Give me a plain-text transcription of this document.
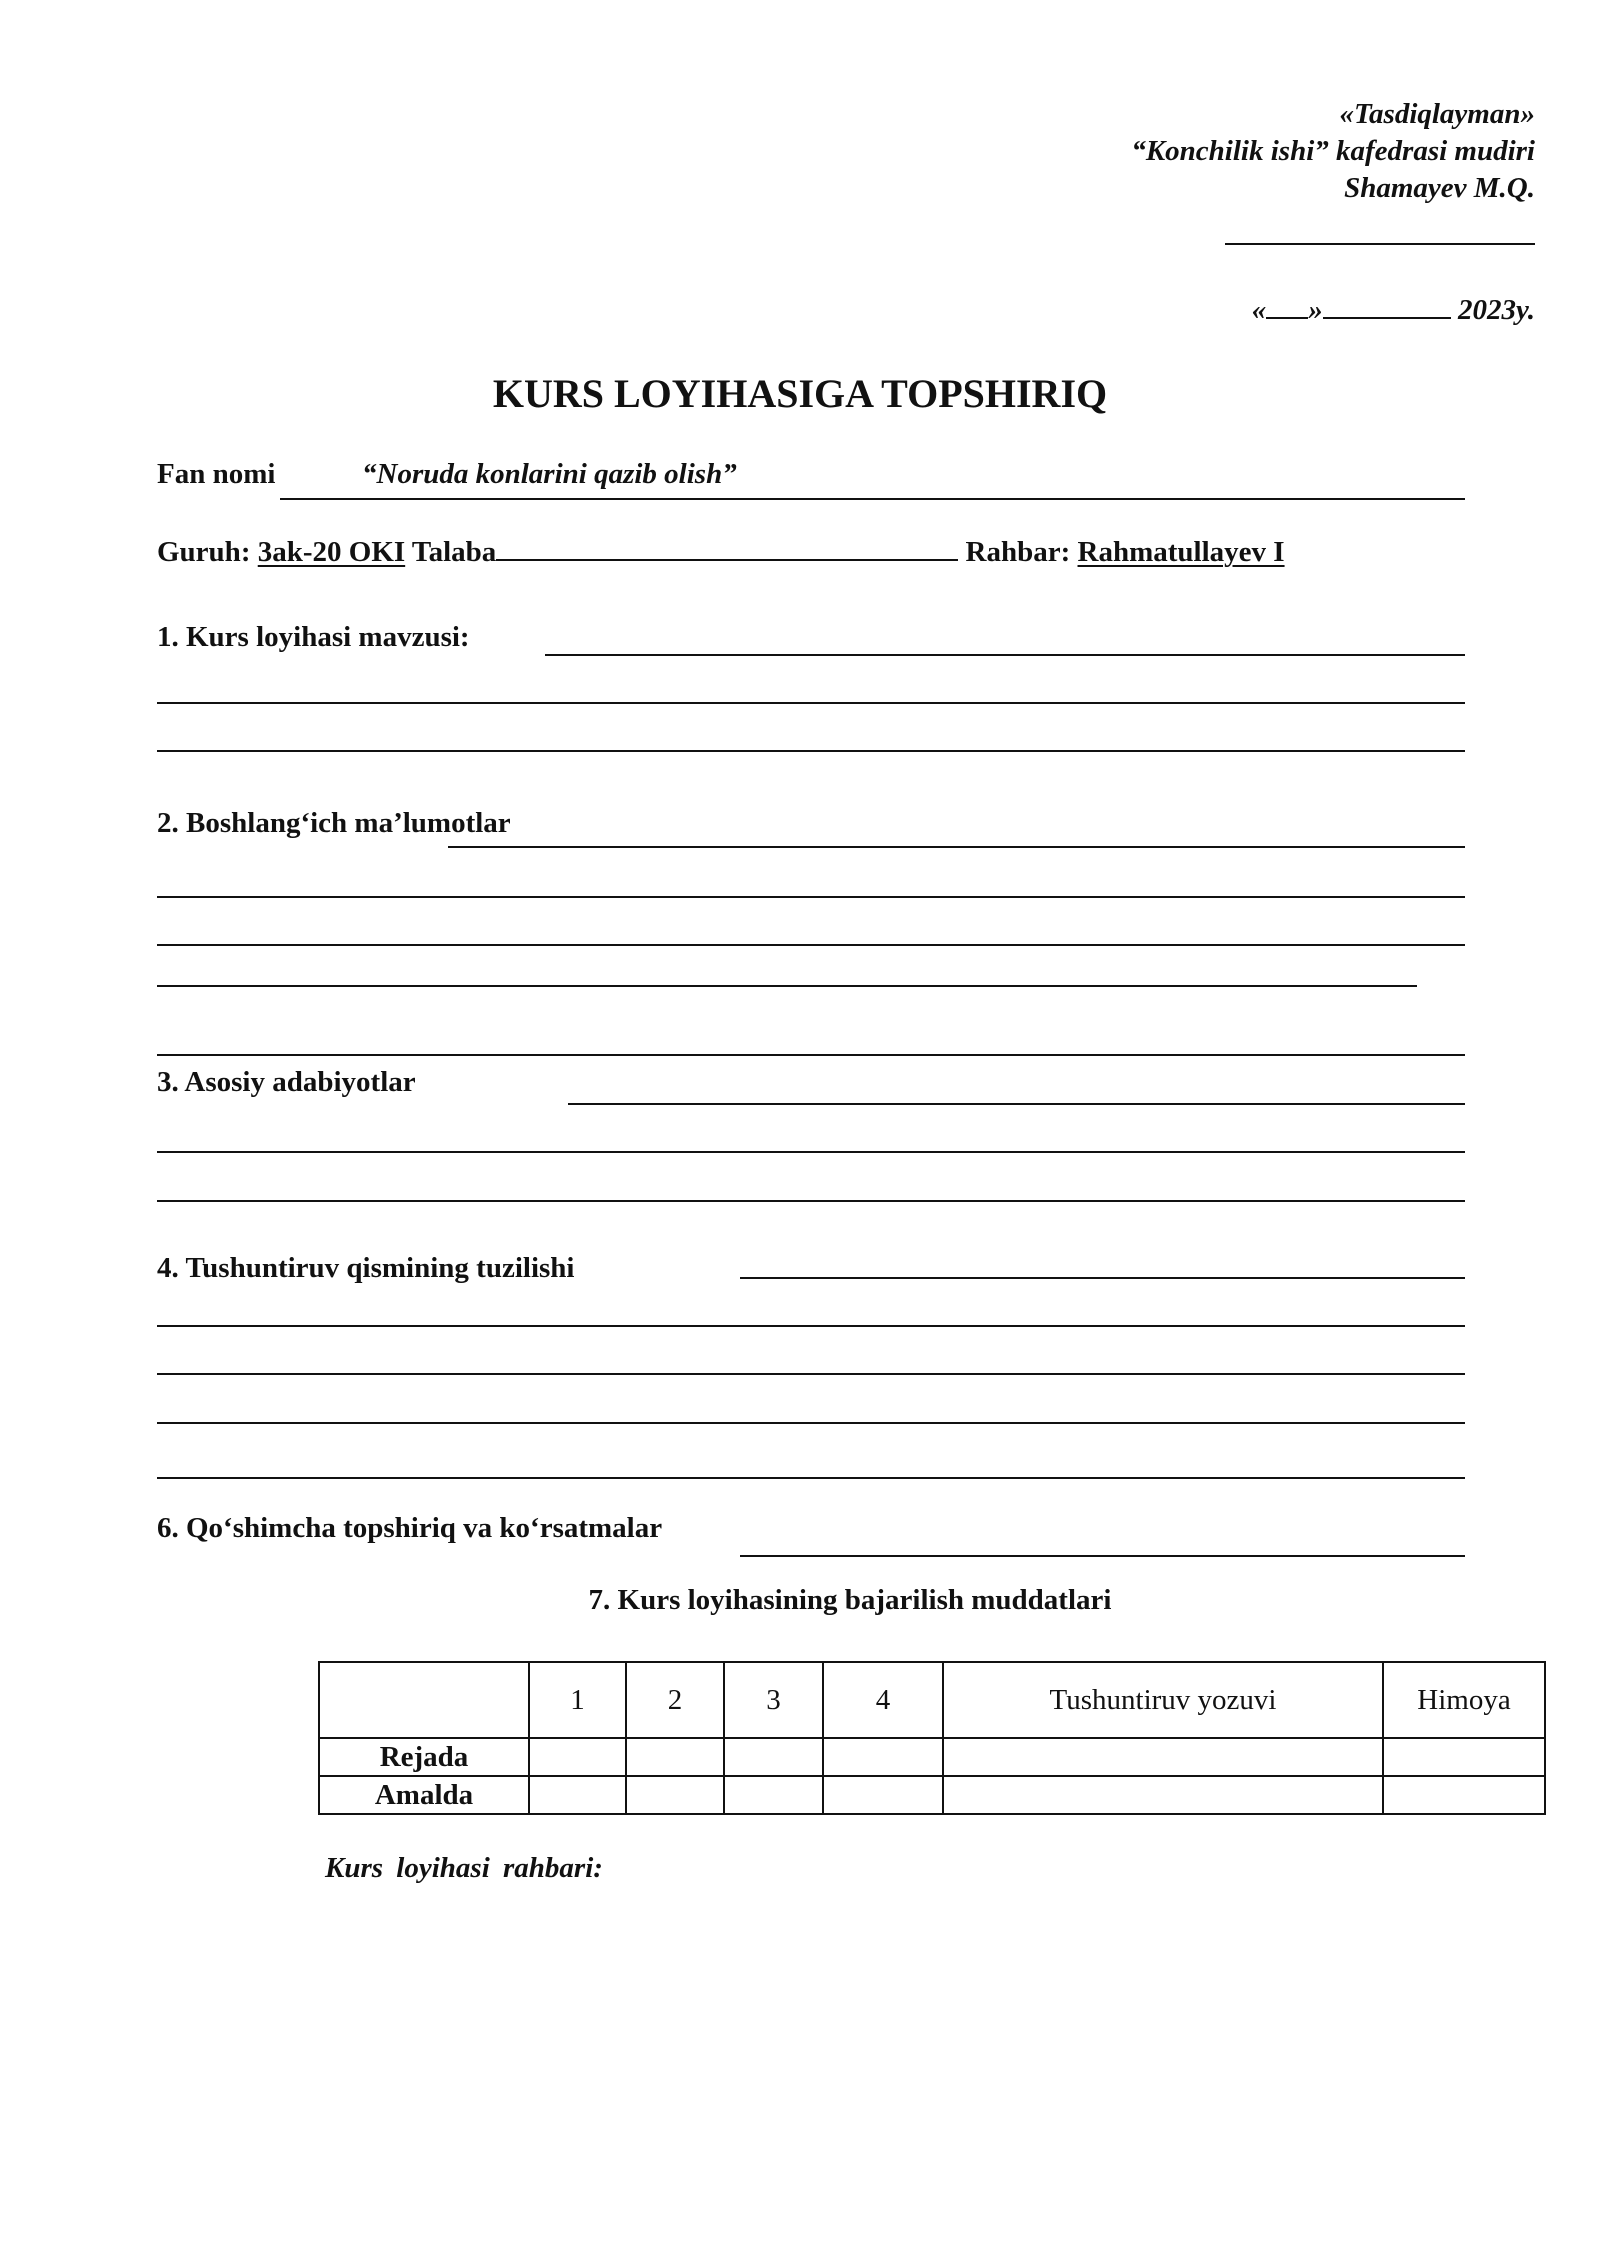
«Tasdiqlayman»
“Konchilik ishi” kafedrasi mudiri
Shamayev M.Q.
« »	2023y.
KURS LOYIHASIGA TOPSHIRIQ
Fan nomi	“Noruda konlarini qazib olish”
Guruh: 3ak-20 OKI Talaba	Rahbar: Rahmatullayev I
1. Kurs loyihasi mavzusi:
2. Boshlang‘ich ma’lumotlar
3. Asosiy adabiyotlar
4. Tushuntiruv qismining tuzilishi
6. Qo‘shimcha topshiriq va ko‘rsatmalar
7. Kurs loyihasining bajarilish muddatlari
	1	2	3	4	Tushuntiruv yozuvi	Himoya
Rejada						
Amalda						
Kurs loyihasi rahbari:
